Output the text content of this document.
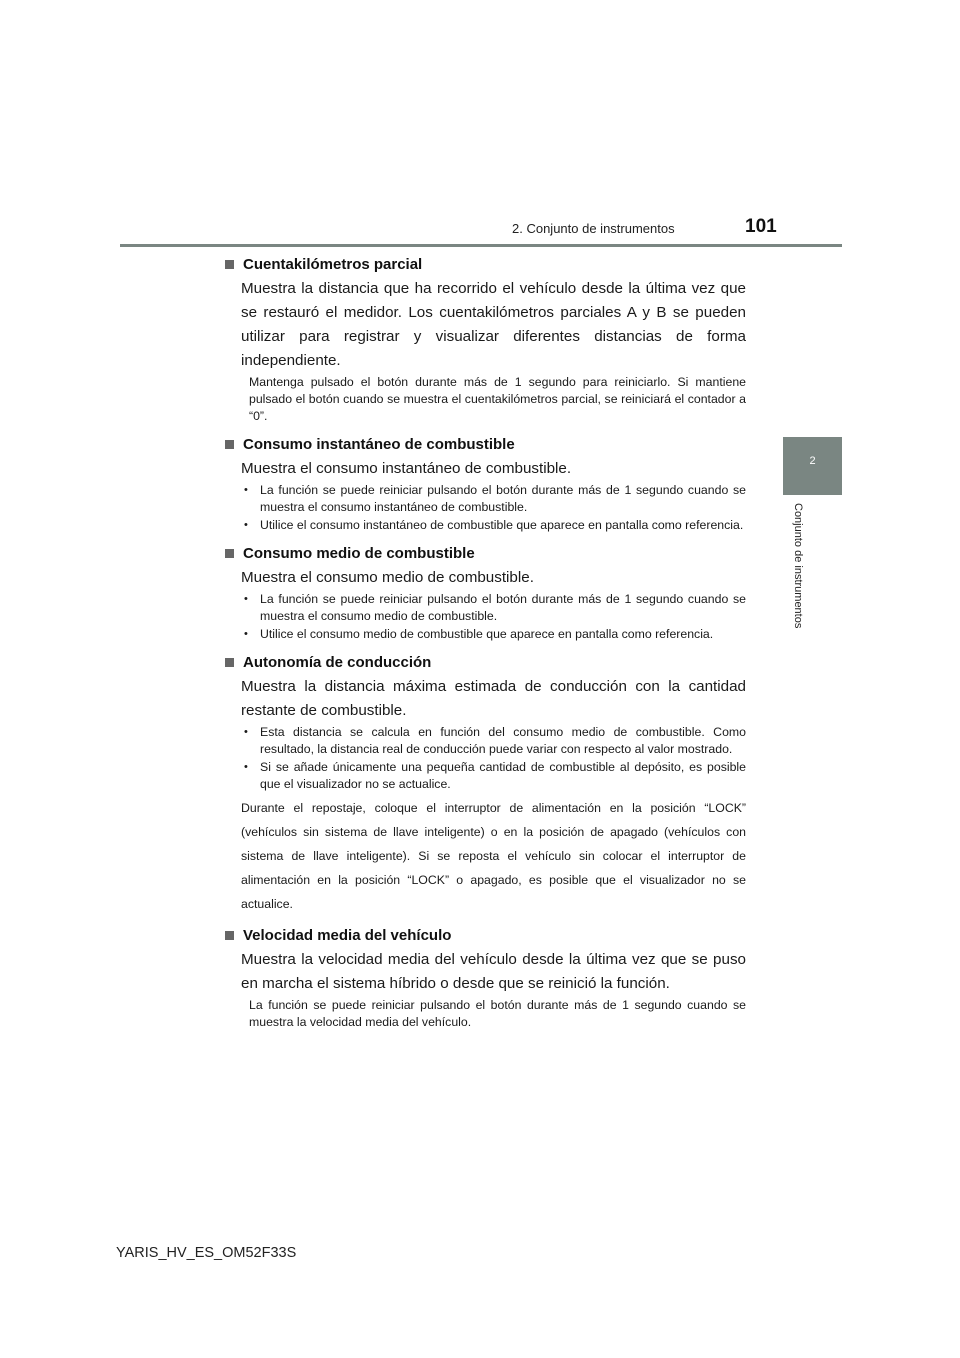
2. Conjunto de instrumentos	101
2
Conjunto de instrumentos
Cuentakilómetros parcial
Muestra la distancia que ha recorrido el vehículo desde la última vez que se restauró el medidor. Los cuentakilómetros parciales A y B se pueden utilizar para registrar y visualizar diferentes distancias de forma independiente.
Mantenga pulsado el botón durante más de 1 segundo para reiniciarlo. Si mantiene pulsado el botón cuando se muestra el cuentakilómetros parcial, se reiniciará el contador a “0”.
Consumo instantáneo de combustible
Muestra el consumo instantáneo de combustible.
• La función se puede reiniciar pulsando el botón durante más de 1 segundo cuando se muestra el consumo instantáneo de combustible.
• Utilice el consumo instantáneo de combustible que aparece en pantalla como referencia.
Consumo medio de combustible
Muestra el consumo medio de combustible.
• La función se puede reiniciar pulsando el botón durante más de 1 segundo cuando se muestra el consumo medio de combustible.
• Utilice el consumo medio de combustible que aparece en pantalla como referencia.
Autonomía de conducción
Muestra la distancia máxima estimada de conducción con la cantidad restante de combustible.
• Esta distancia se calcula en función del consumo medio de combustible. Como resultado, la distancia real de conducción puede variar con respecto al valor mostrado.
• Si se añade únicamente una pequeña cantidad de combustible al depósito, es posible que el visualizador no se actualice.
Durante el repostaje, coloque el interruptor de alimentación en la posición “LOCK” (vehículos sin sistema de llave inteligente) o en la posición de apagado (vehículos con sistema de llave inteligente). Si se reposta el vehículo sin colocar el interruptor de alimentación en la posición “LOCK” o apagado, es posible que el visualizador no se actualice.
Velocidad media del vehículo
Muestra la velocidad media del vehículo desde la última vez que se puso en marcha el sistema híbrido o desde que se reinició la función.
La función se puede reiniciar pulsando el botón durante más de 1 segundo cuando se muestra la velocidad media del vehículo.
YARIS_HV_ES_OM52F33S
